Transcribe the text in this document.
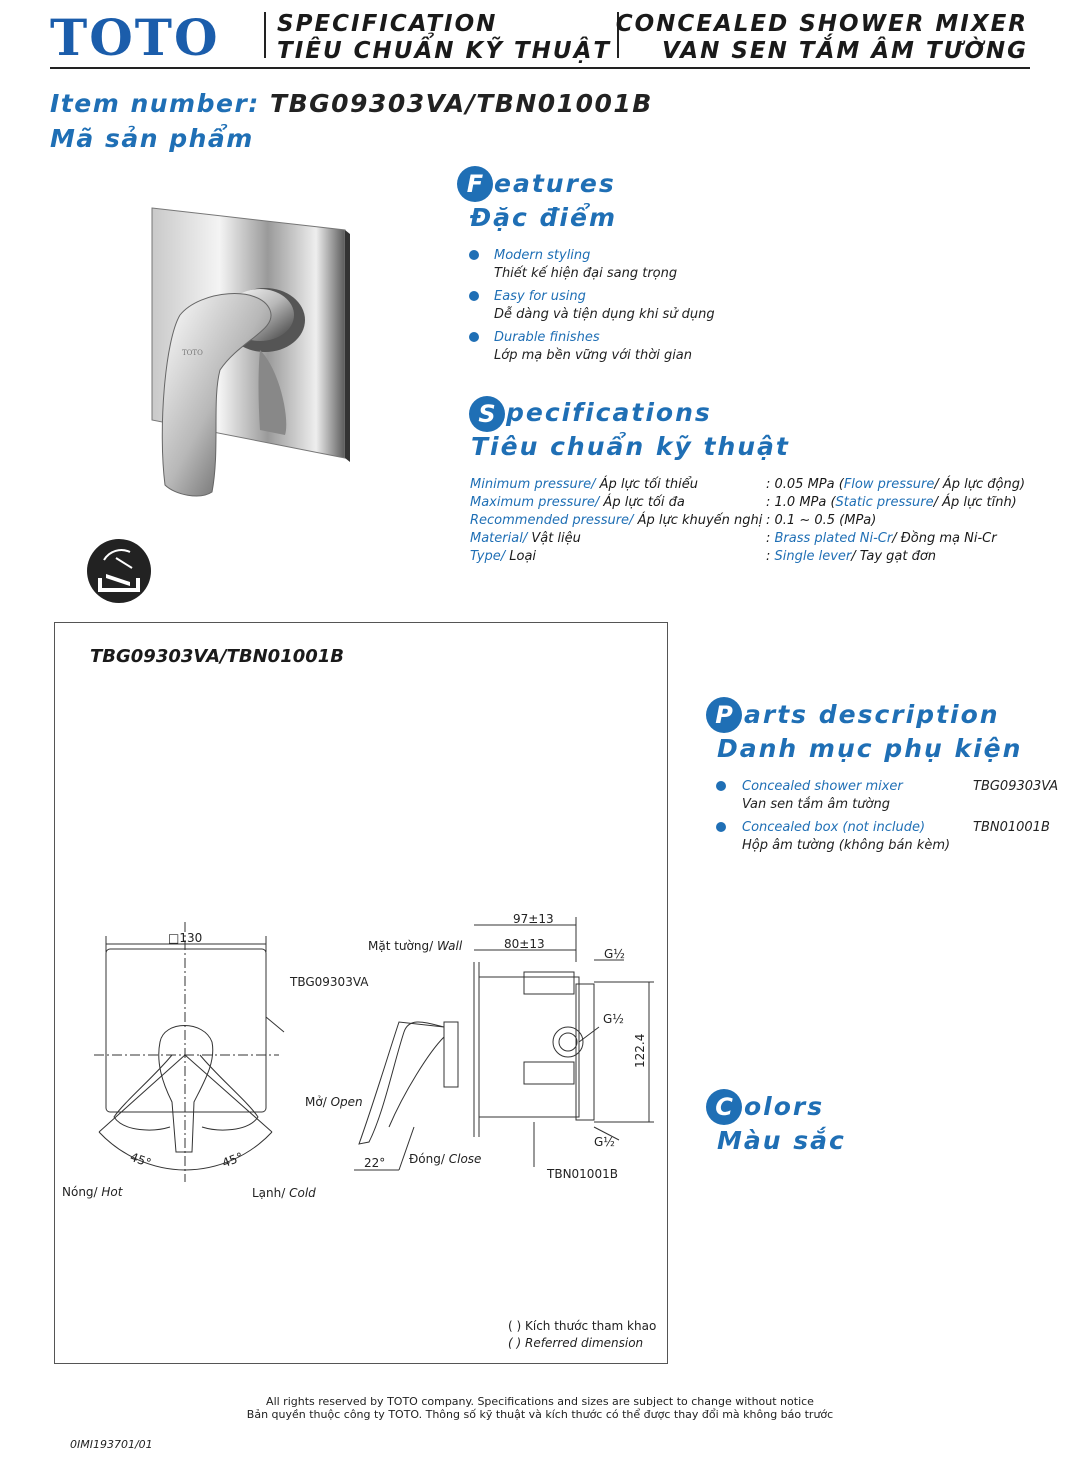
TOTO SPECIFICATION
TIÊU CHUẨN KỸ THUẬT
CONCEALED SHOWER MIXER
VAN SEN TẮM ÂM TƯỜNG
Item number: TBG09303VA/TBN01001B
Mã sản phẩm
TOTO
F eatures
Đặc điểm
Modern styling
Thiết kế hiện đại sang trọng
Easy for using
Dễ dàng và tiện dụng khi sử dụng
Durable finishes
Lớp mạ bền vững với thời gian
S pecifications
Tiêu chuẩn kỹ thuật
Minimum pressure/ Áp lực tối thiểu	: 0.05 MPa (Flow pressure/ Áp lực động)
Maximum pressure/ Áp lực tối đa	: 1.0 MPa (Static pressure/ Áp lực tĩnh)
Recommended pressure/ Áp lực khuyến nghị : 0.1 ~ 0.5 (MPa)
Material/ Vật liệu	: Brass plated Ni-Cr/ Đồng mạ Ni-Cr
Type/ Loại	: Single lever/ Tay gạt đơn
TBG09303VA/TBN01001B
□130
TBG09303VA
Mặt tường/ Wall
97±13
80±13
G½
G½
122.4
G½
Mở/ Open
Đóng/ Close
22°
45°	45°
Nóng/ Hot	Lạnh/ Cold
TBN01001B
( ) Kích thước tham khao
( ) Referred dimension
P arts description
Danh mục phụ kiện
Concealed shower mixer
Van sen tắm âm tường
TBG09303VA
Concealed box (not include)
Hộp âm tường (không bán kèm)
TBN01001B
C olors
Màu sắc
All rights reserved by TOTO company. Specifications and sizes are subject to change without notice
Bản quyền thuộc công ty TOTO. Thông số kỹ thuật và kích thước có thể được thay đổi mà không báo trước
0IMI193701/01
